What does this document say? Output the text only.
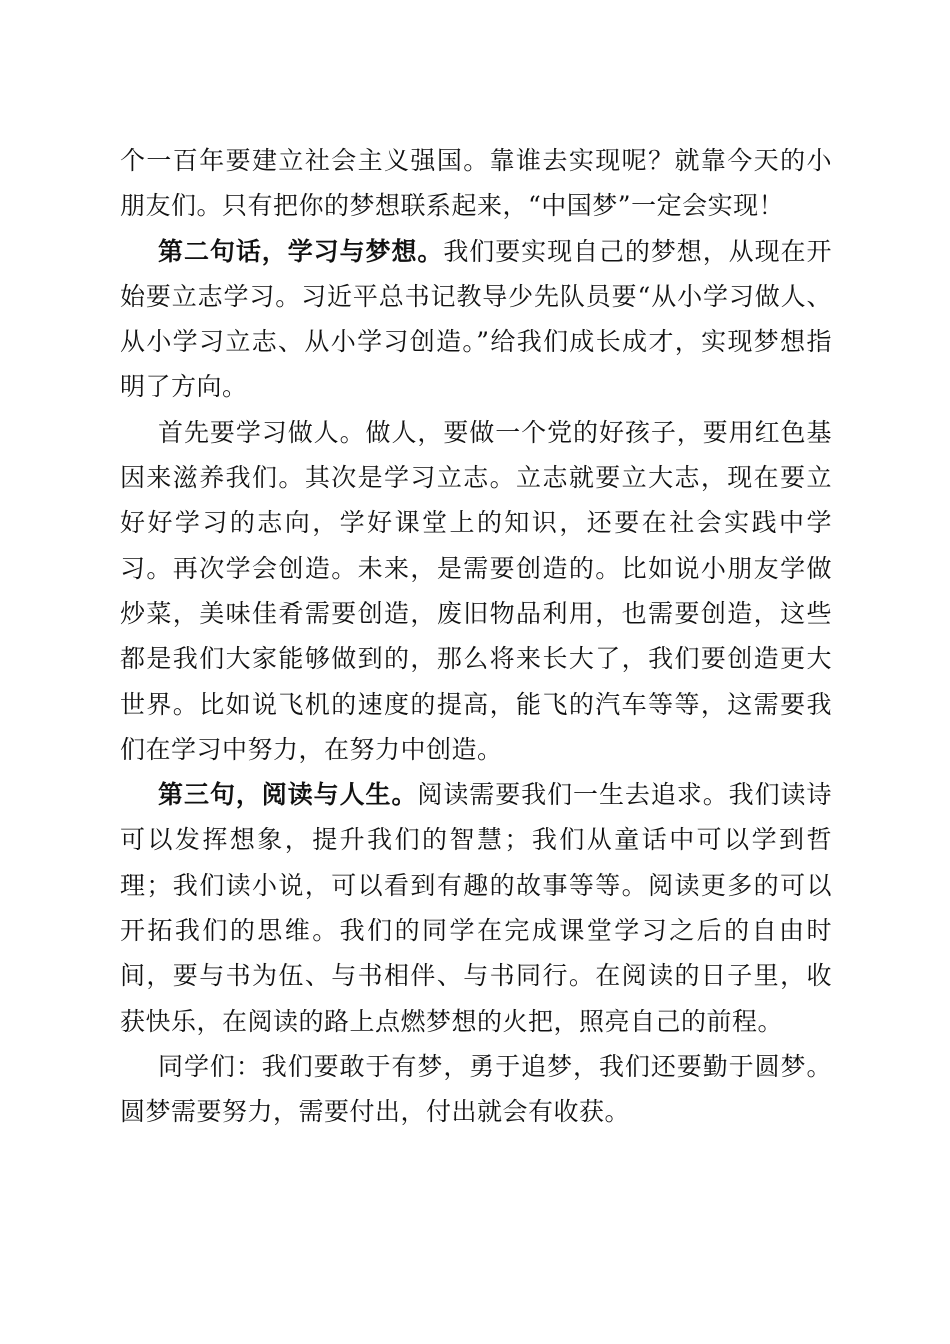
个一百年要建立社会主义强国。靠谁去实现呢？就靠今天的小朋友们。只有把你的梦想联系起来，“中国梦”一定会实现！

第二句话，学习与梦想。我们要实现自己的梦想，从现在开始要立志学习。习近平总书记教导少先队员要“从小学习做人、从小学习立志、从小学习创造。”给我们成长成才，实现梦想指明了方向。

首先要学习做人。做人，要做一个党的好孩子，要用红色基因来滋养我们。其次是学习立志。立志就要立大志，现在要立好好学习的志向，学好课堂上的知识，还要在社会实践中学习。再次学会创造。未来，是需要创造的。比如说小朋友学做炒菜，美味佳肴需要创造，废旧物品利用，也需要创造，这些都是我们大家能够做到的，那么将来长大了，我们要创造更大世界。比如说飞机的速度的提高，能飞的汽车等等，这需要我们在学习中努力，在努力中创造。

第三句，阅读与人生。阅读需要我们一生去追求。我们读诗可以发挥想象，提升我们的智慧；我们从童话中可以学到哲理；我们读小说，可以看到有趣的故事等等。阅读更多的可以开拓我们的思维。我们的同学在完成课堂学习之后的自由时间，要与书为伍、与书相伴、与书同行。在阅读的日子里，收获快乐，在阅读的路上点燃梦想的火把，照亮自己的前程。

同学们：我们要敢于有梦，勇于追梦，我们还要勤于圆梦。圆梦需要努力，需要付出，付出就会有收获。
